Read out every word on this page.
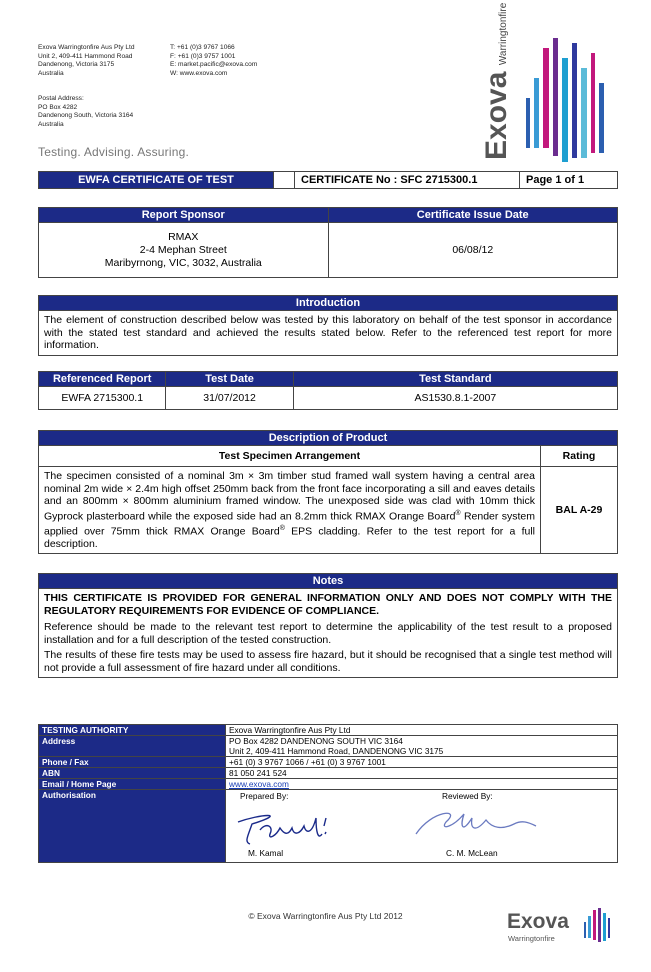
Exova Warringtonfire Aus Pty Ltd
Unit 2, 409-411 Hammond Road
Dandenong, Victoria 3175
Australia
T: +61 (0)3 9767 1066
F: +61 (0)3 9757 1001
E: market.pacific@exova.com
W: www.exova.com
Postal Address:
PO Box 4282
Dandenong South, Victoria 3164
Australia
Testing. Advising. Assuring.	Exova Warringtonfire
EWFA CERTIFICATE OF TEST		CERTIFICATE No : SFC 2715300.1	Page 1 of 1
Report Sponsor	Certificate Issue Date

RMAX
2-4 Mephan Street
Maribyrnong, VIC, 3032, Australia	06/08/12
Introduction
The element of construction described below was tested by this laboratory on behalf of the test sponsor in accordance with the stated test standard and achieved the results stated below. Refer to the referenced test report for more information.
Referenced Report	Test Date	Test Standard
EWFA 2715300.1	31/07/2012	AS1530.8.1-2007
Description of Product	
Test Specimen Arrangement	Rating
The specimen consisted of a nominal 3m × 3m timber stud framed wall system having a central area nominal 2m wide × 2.4m high offset 250mm back from the front face incorporating a sill and eaves details and an 800mm × 800mm aluminium framed window. The unexposed side was clad with 10mm thick Gyprock plasterboard while the exposed side had an 8.2mm thick RMAX Orange Board® Render system applied over 75mm thick RMAX Orange Board® EPS cladding. Refer to the test report for a full description.	BAL A-29
Notes

THIS CERTIFICATE IS PROVIDED FOR GENERAL INFORMATION ONLY AND DOES NOT COMPLY WITH THE REGULATORY REQUIREMENTS FOR EVIDENCE OF COMPLIANCE.
Reference should be made to the relevant test report to determine the applicability of the test result to a proposed installation and for a full description of the tested construction.
The results of these fire tests may be used to assess fire hazard, but it should be recognised that a single test method will not provide a full assessment of fire hazard under all conditions.
TESTING AUTHORITY	Exova Warringtonfire Aus Pty Ltd
Address	PO Box 4282 DANDENONG SOUTH VIC 3164
Unit 2, 409-411 Hammond Road, DANDENONG VIC 3175

Phone / Fax	+61 (0) 3 9767 1066 / +61 (0) 3 9767 1001
ABN	81 050 241 524
Email / Home Page	www.exova.com
Authorisation	Prepared By: Reviewed By:
M. Kamal C. M. McLean
© Exova Warringtonfire Aus Pty Ltd 2012	Exova
Warringtonfire
